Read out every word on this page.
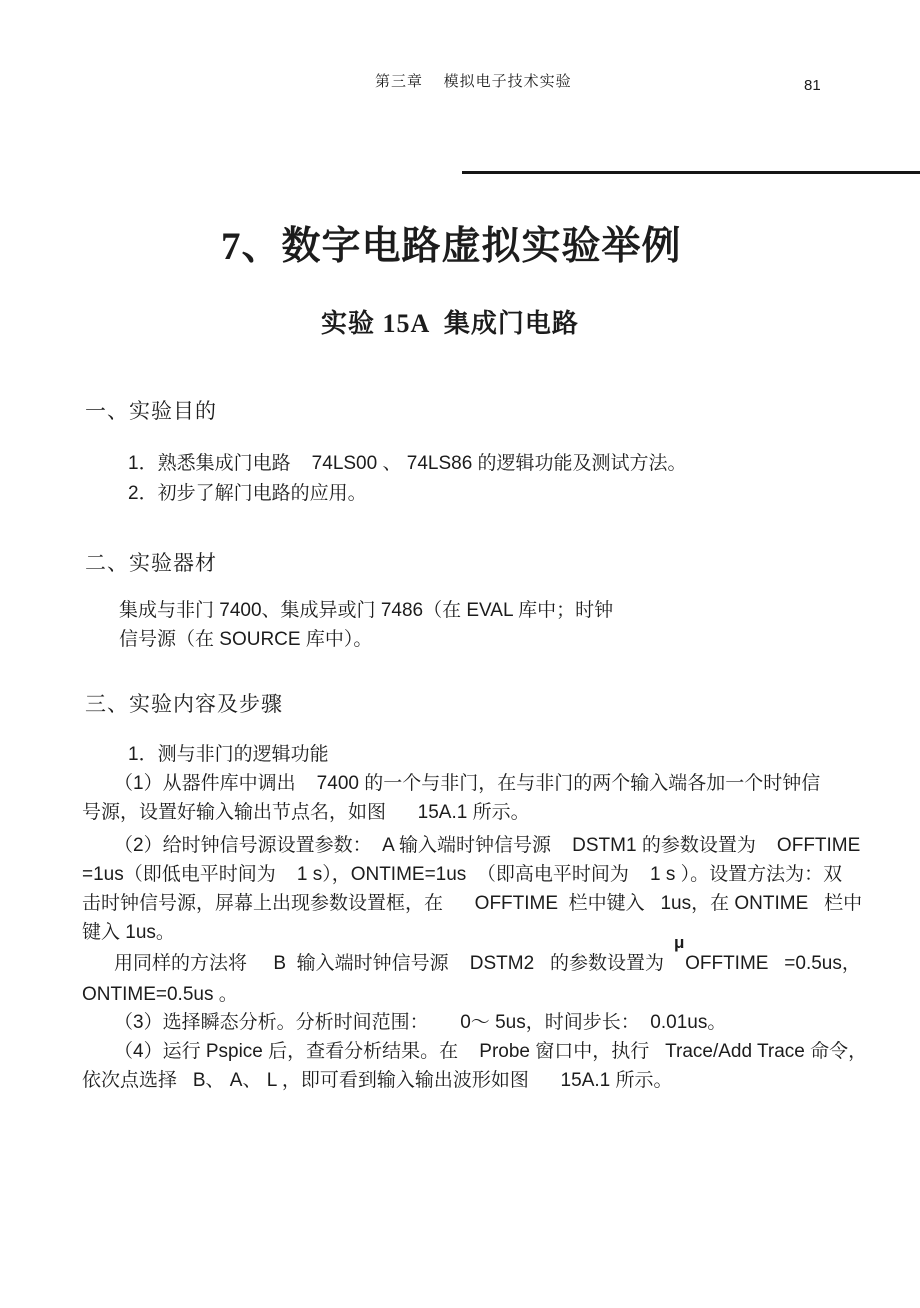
第三章    模拟电子技术实验	81
7、数字电路虚拟实验举例
实验 15A  集成门电路
一、实验目的
1．熟悉集成门电路    74LS00 、 74LS86 的逻辑功能及测试方法。
2．初步了解门电路的应用。
二、实验器材
集成与非门 7400、集成异或门 7486（在 EVAL 库中；时钟
信号源（在 SOURCE 库中）。
三、实验内容及步骤
1．测与非门的逻辑功能
（1）从器件库中调出    7400 的一个与非门，在与非门的两个输入端各加一个时钟信
号源，设置好输入输出节点名，如图      15A.1 所示。
（2）给时钟信号源设置参数：  A 输入端时钟信号源    DSTM1 的参数设置为    OFFTIME
=1us（即低电平时间为    1 s），ONTIME=1us  （即高电平时间为    1 s ）。设置方法为：双
击时钟信号源，屏幕上出现参数设置框，在      OFFTIME  栏中键入   1us，在 ONTIME   栏中
键入 1us。	μ
用同样的方法将     B  输入端时钟信号源    DSTM2   的参数设置为    OFFTIME   =0.5us，
ONTIME=0.5us 。
（3）选择瞬态分析。分析时间范围：      0～ 5us，时间步长：  0.01us。
（4）运行 Pspice 后，查看分析结果。在    Probe 窗口中，执行   Trace/Add Trace 命令，
依次点选择   B、 A、 L ，即可看到输入输出波形如图      15A.1 所示。
